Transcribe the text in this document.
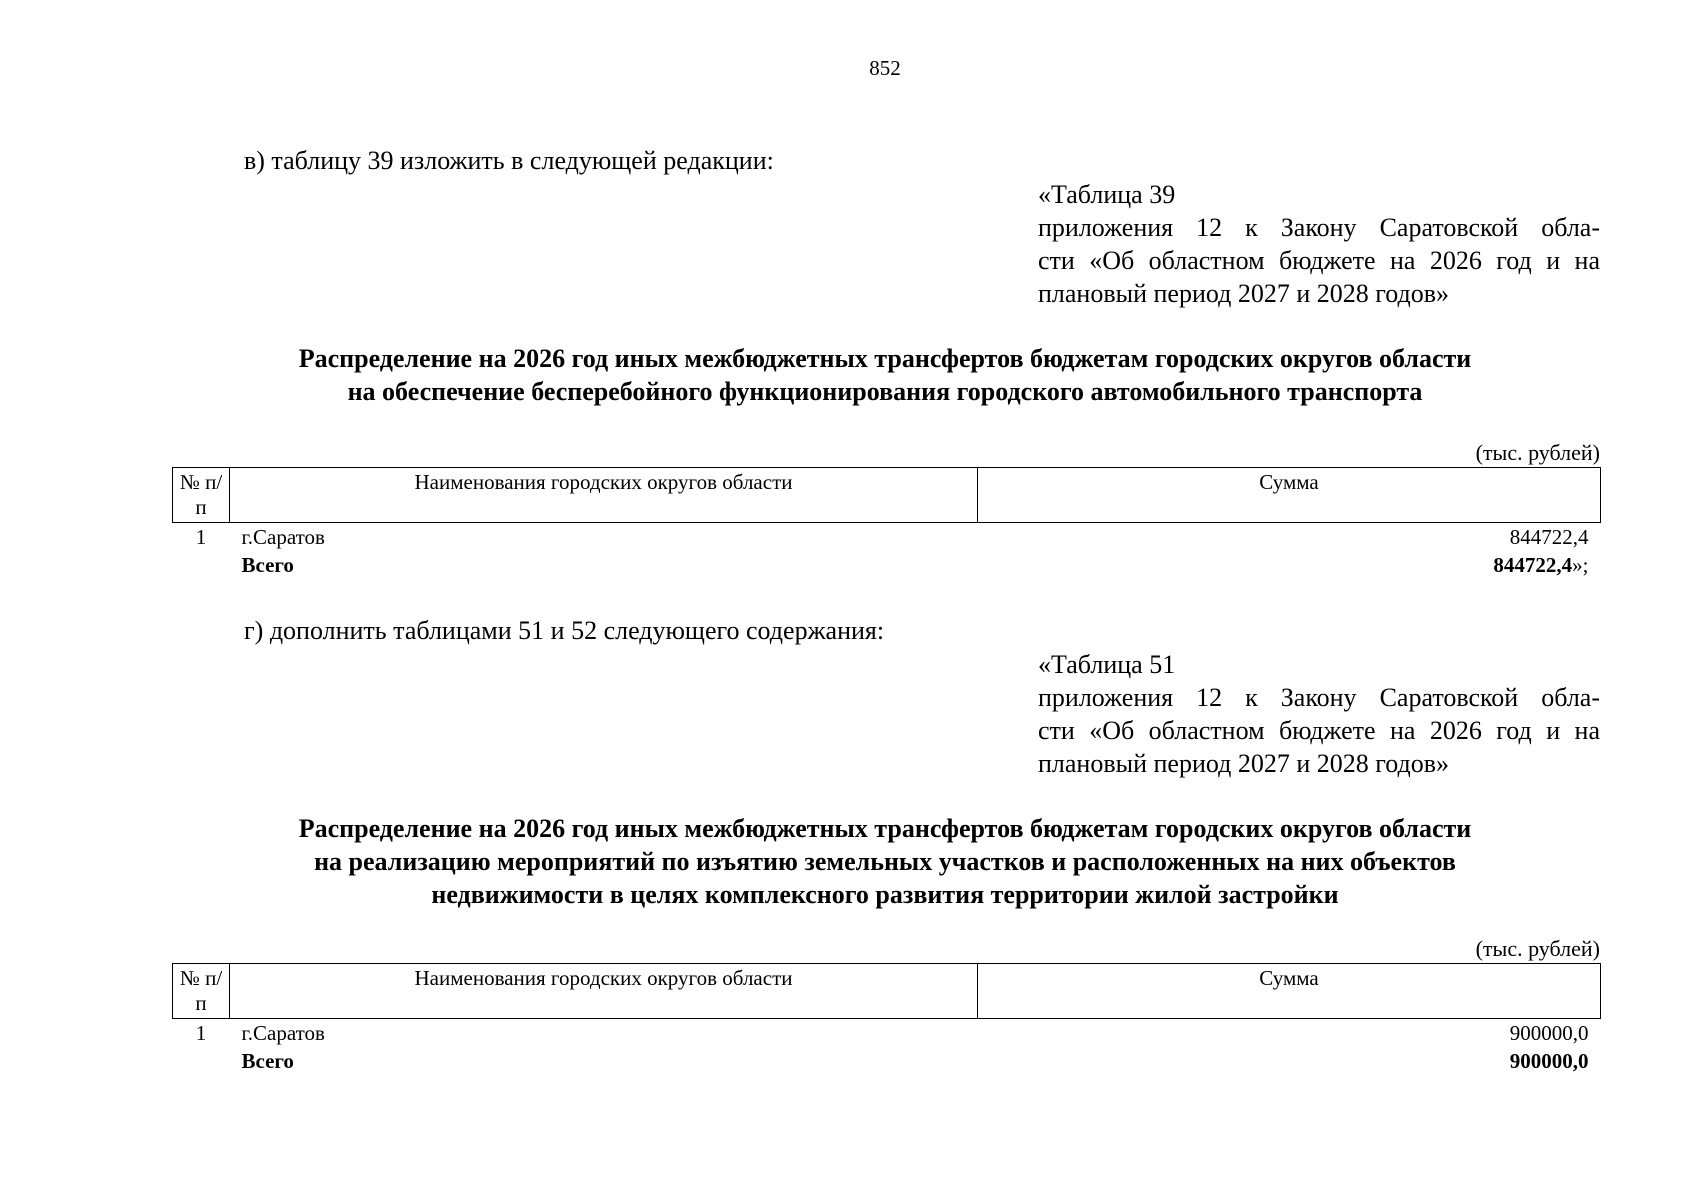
852
в) таблицу 39 изложить в следующей редакции:
«Таблица 39
приложения 12 к Закону Саратовской обла-
сти «Об областном бюджете на 2026 год и на
плановый период 2027 и 2028 годов»
Распределение на 2026 год иных межбюджетных трансфертов бюджетам городских округов области
на обеспечение бесперебойного функционирования городского автомобильного транспорта
(тыс. рублей)
№ п/п	Наименования городских округов области	Сумма
1	г.Саратов	844722,4
	Всего	844722,4»;
г) дополнить таблицами 51 и 52 следующего содержания:
«Таблица 51
приложения 12 к Закону Саратовской обла-
сти «Об областном бюджете на 2026 год и на
плановый период 2027 и 2028 годов»
Распределение на 2026 год иных межбюджетных трансфертов бюджетам городских округов области
на реализацию мероприятий по изъятию земельных участков и расположенных на них объектов
недвижимости в целях комплексного развития территории жилой застройки
(тыс. рублей)
№ п/п	Наименования городских округов области	Сумма
1	г.Саратов	900000,0
	Всего	900000,0
